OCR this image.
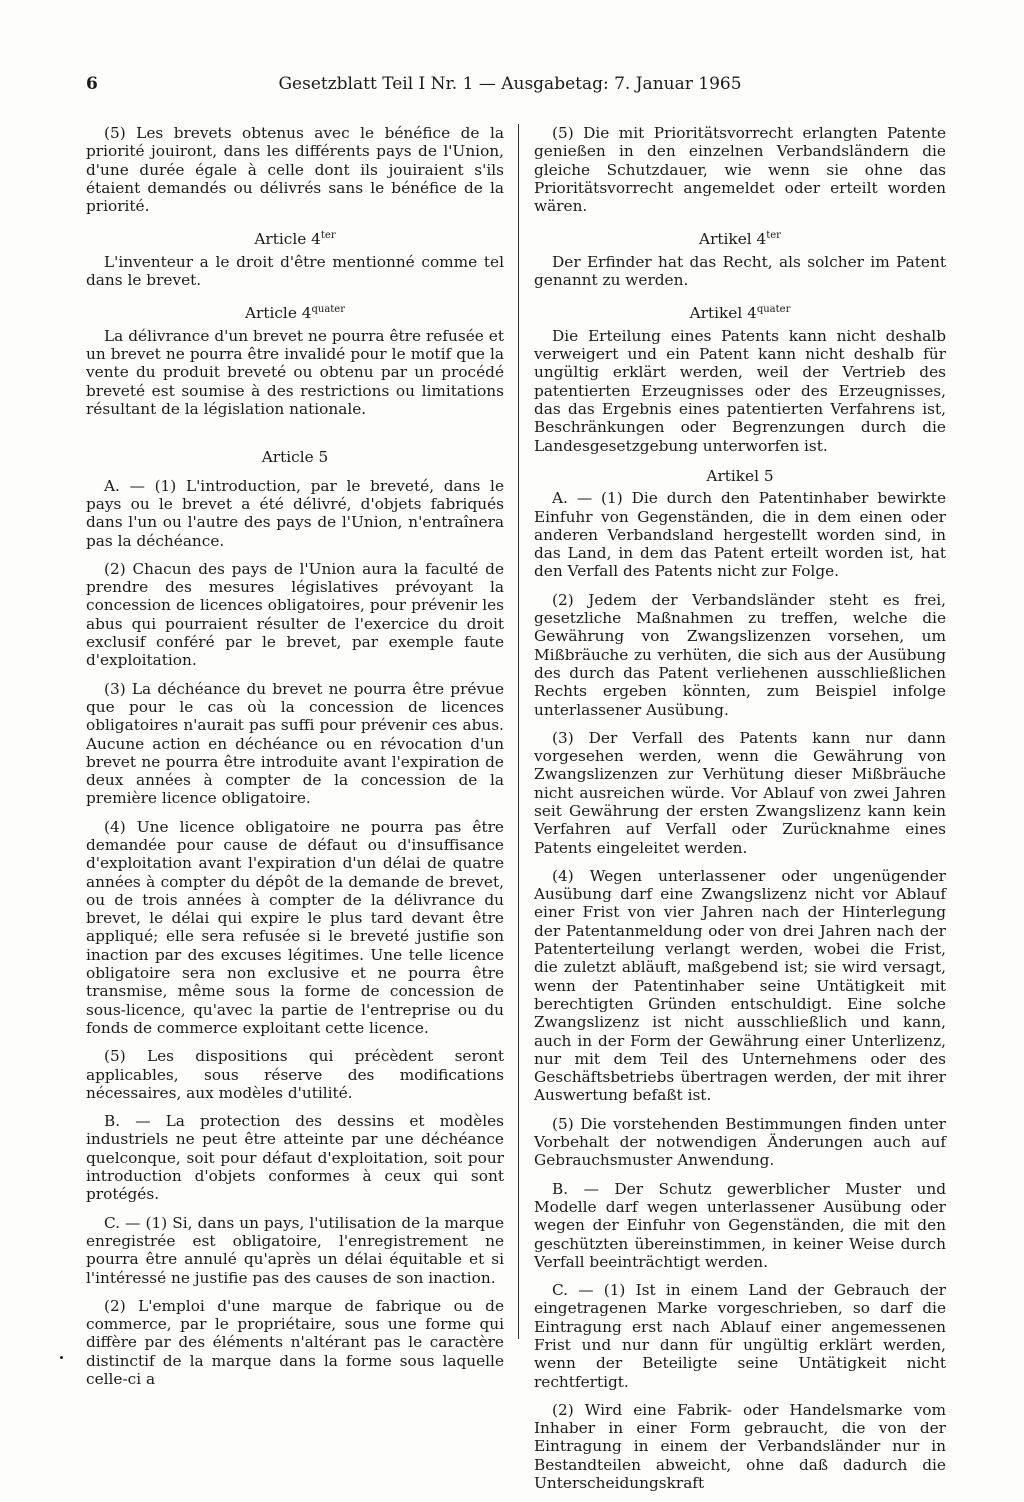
6	Gesetzblatt Teil I Nr. 1 — Ausgabetag: 7. Januar 1965

(5) Les brevets obtenus avec le bénéfice de la priorité jouiront, dans les différents pays de l'Union, d'une durée égale à celle dont ils jouiraient s'ils étaient demandés ou délivrés sans le bénéfice de la priorité.

Article $4^{ter}$

L'inventeur a le droit d'être mentionné comme tel dans le brevet.

Article $4^{quater}$

La délivrance d'un brevet ne pourra être refusée et un brevet ne pourra être invalidé pour le motif que la vente du produit breveté ou obtenu par un procédé breveté est soumise à des restrictions ou limitations résultant de la législation nationale.

Article 5

A. — (1) L'introduction, par le breveté, dans le pays ou le brevet a été délivré, d'objets fabriqués dans l'un ou l'autre des pays de l'Union, n'entraînera pas la déchéance.

(2) Chacun des pays de l'Union aura la faculté de prendre des mesures législatives prévoyant la concession de licences obligatoires, pour prévenir les abus qui pourraient résulter de l'exercice du droit exclusif conféré par le brevet, par exemple faute d'exploitation.

(3) La déchéance du brevet ne pourra être prévue que pour le cas où la concession de licences obligatoires n'aurait pas suffi pour prévenir ces abus. Aucune action en déchéance ou en révocation d'un brevet ne pourra être introduite avant l'expiration de deux années à compter de la concession de la première licence obligatoire.

(4) Une licence obligatoire ne pourra pas être demandée pour cause de défaut ou d'insuffisance d'exploitation avant l'expiration d'un délai de quatre années à compter du dépôt de la demande de brevet, ou de trois années à compter de la délivrance du brevet, le délai qui expire le plus tard devant être appliqué; elle sera refusée si le breveté justifie son inaction par des excuses légitimes. Une telle licence obligatoire sera non exclusive et ne pourra être transmise, même sous la forme de concession de sous-licence, qu'avec la partie de l'entreprise ou du fonds de commerce exploitant cette licence.

(5) Les dispositions qui précèdent seront applicables, sous réserve des modifications nécessaires, aux modèles d'utilité.

B. — La protection des dessins et modèles industriels ne peut être atteinte par une déchéance quelconque, soit pour défaut d'exploitation, soit pour introduction d'objets conformes à ceux qui sont protégés.

C. — (1) Si, dans un pays, l'utilisation de la marque enregistrée est obligatoire, l'enregistrement ne pourra être annulé qu'après un délai équitable et si l'intéressé ne justifie pas des causes de son inaction.

(2) L'emploi d'une marque de fabrique ou de commerce, par le propriétaire, sous une forme qui diffère par des éléments n'altérant pas le caractère distinctif de la marque dans la forme sous laquelle celle-ci a

(5) Die mit Prioritätsvorrecht erlangten Patente genießen in den einzelnen Verbandsländern die gleiche Schutzdauer, wie wenn sie ohne das Prioritätsvorrecht angemeldet oder erteilt worden wären.

Artikel $4^{ter}$

Der Erfinder hat das Recht, als solcher im Patent genannt zu werden.

Artikel $4^{quater}$

Die Erteilung eines Patents kann nicht deshalb verweigert und ein Patent kann nicht deshalb für ungültig erklärt werden, weil der Vertrieb des patentierten Erzeugnisses oder des Erzeugnisses, das das Ergebnis eines patentierten Verfahrens ist, Beschränkungen oder Begrenzungen durch die Landesgesetzgebung unterworfen ist.

Artikel 5

A. — (1) Die durch den Patentinhaber bewirkte Einfuhr von Gegenständen, die in dem einen oder anderen Verbandsland hergestellt worden sind, in das Land, in dem das Patent erteilt worden ist, hat den Verfall des Patents nicht zur Folge.

(2) Jedem der Verbandsländer steht es frei, gesetzliche Maßnahmen zu treffen, welche die Gewährung von Zwangslizenzen vorsehen, um Mißbräuche zu verhüten, die sich aus der Ausübung des durch das Patent verliehenen ausschließlichen Rechts ergeben könnten, zum Beispiel infolge unterlassener Ausübung.

(3) Der Verfall des Patents kann nur dann vorgesehen werden, wenn die Gewährung von Zwangslizenzen zur Verhütung dieser Mißbräuche nicht ausreichen würde. Vor Ablauf von zwei Jahren seit Gewährung der ersten Zwangslizenz kann kein Verfahren auf Verfall oder Zurücknahme eines Patents eingeleitet werden.

(4) Wegen unterlassener oder ungenügender Ausübung darf eine Zwangslizenz nicht vor Ablauf einer Frist von vier Jahren nach der Hinterlegung der Patentanmeldung oder von drei Jahren nach der Patenterteilung verlangt werden, wobei die Frist, die zuletzt abläuft, maßgebend ist; sie wird versagt, wenn der Patentinhaber seine Untätigkeit mit berechtigten Gründen entschuldigt. Eine solche Zwangslizenz ist nicht ausschließlich und kann, auch in der Form der Gewährung einer Unterlizenz, nur mit dem Teil des Unternehmens oder des Geschäftsbetriebs übertragen werden, der mit ihrer Auswertung befaßt ist.

(5) Die vorstehenden Bestimmungen finden unter Vorbehalt der notwendigen Änderungen auch auf Gebrauchsmuster Anwendung.

B. — Der Schutz gewerblicher Muster und Modelle darf wegen unterlassener Ausübung oder wegen der Einfuhr von Gegenständen, die mit den geschützten übereinstimmen, in keiner Weise durch Verfall beeinträchtigt werden.

C. — (1) Ist in einem Land der Gebrauch der eingetragenen Marke vorgeschrieben, so darf die Eintragung erst nach Ablauf einer angemessenen Frist und nur dann für ungültig erklärt werden, wenn der Beteiligte seine Untätigkeit nicht rechtfertigt.

(2) Wird eine Fabrik- oder Handelsmarke vom Inhaber in einer Form gebraucht, die von der Eintragung in einem der Verbandsländer nur in Bestandteilen abweicht, ohne daß dadurch die Unterscheidungskraft
